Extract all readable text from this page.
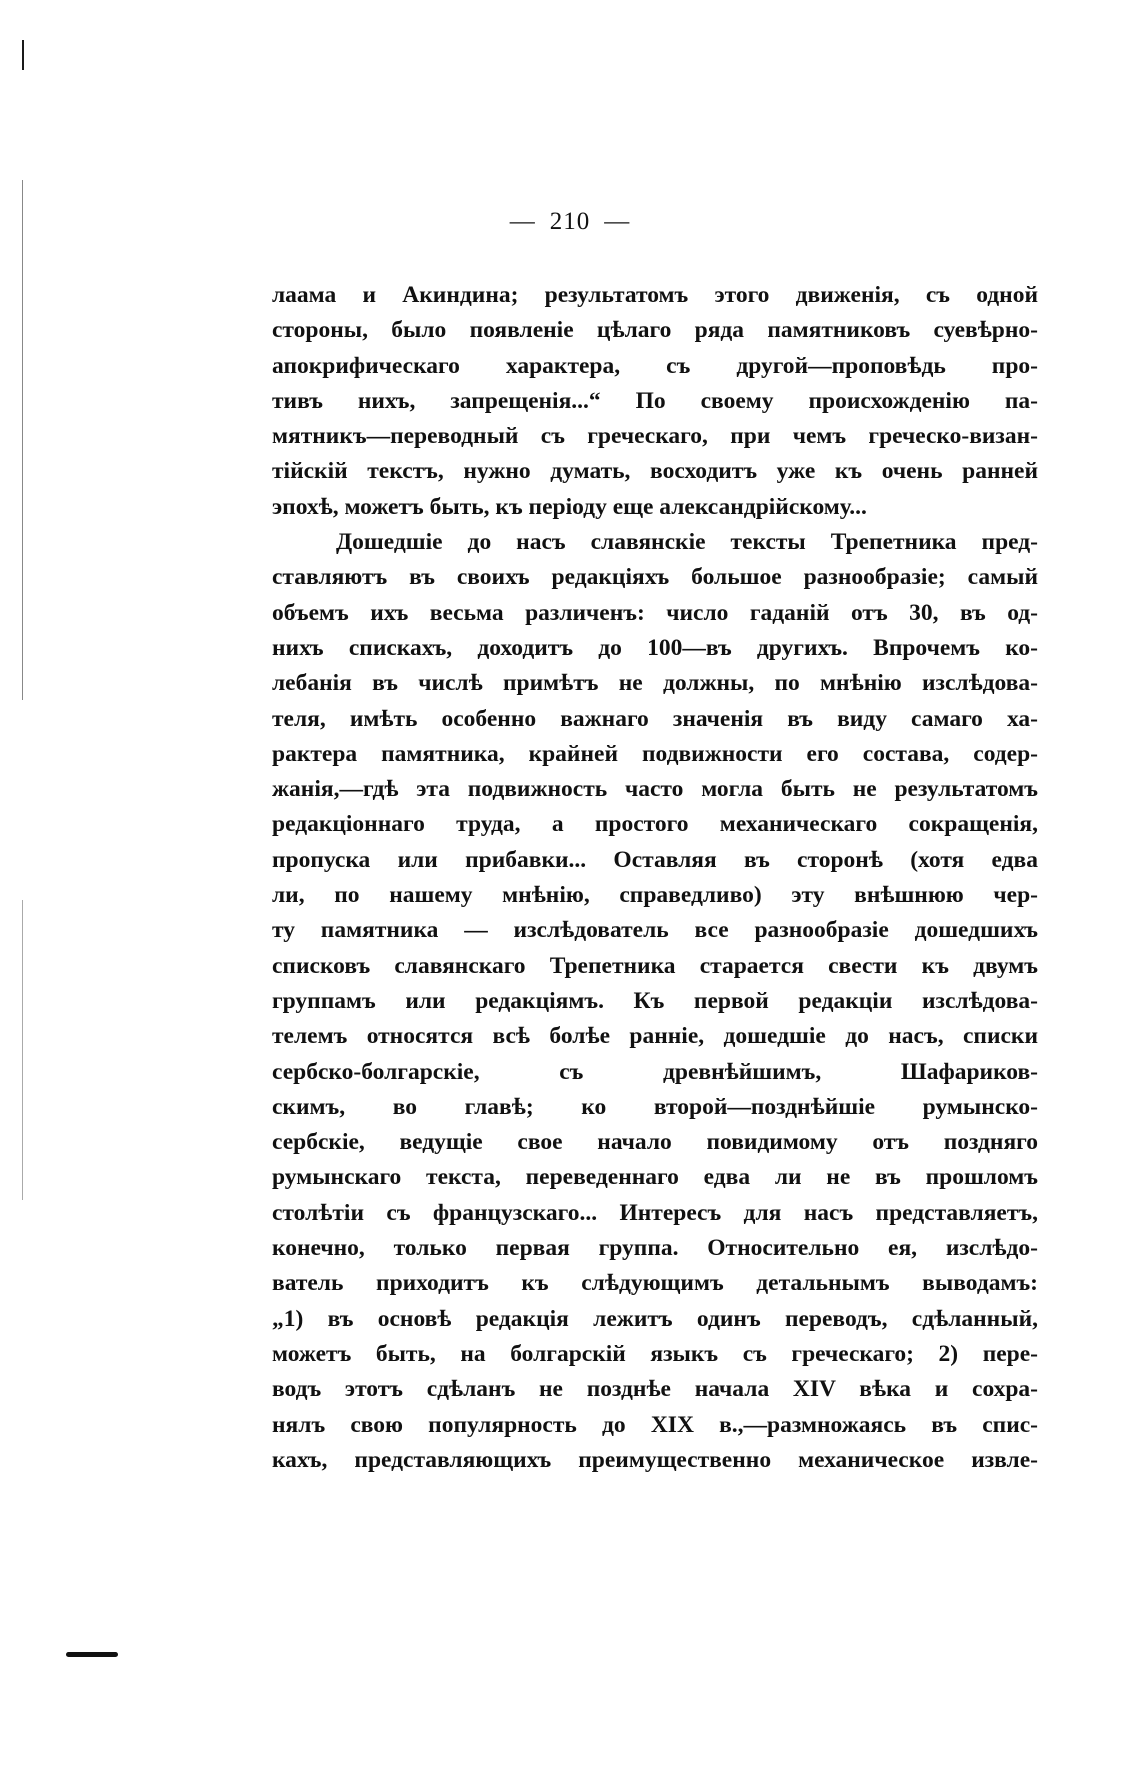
— 210 —
лаама и Акиндина; результатомъ этого движенія, съ одной
стороны, было появленіе цѣлаго ряда памятниковъ суевѣрно-
апокрифическаго характера, съ другой—проповѣдь про-
тивъ нихъ, запрещенія...“ По своему происхожденію па-
мятникъ—переводный съ греческаго, при чемъ греческо-визан-
тійскій текстъ, нужно думать, восходитъ уже къ очень ранней
эпохѣ, можетъ быть, къ періоду еще александрійскому...
Дошедшіе до насъ славянскіе тексты Трепетника пред-
ставляютъ въ своихъ редакціяхъ большое разнообразіе; самый
объемъ ихъ весьма различенъ: число гаданій отъ 30, въ од-
нихъ спискахъ, доходитъ до 100—въ другихъ. Впрочемъ ко-
лебанія въ числѣ примѣтъ не должны, по мнѣнію изслѣдова-
теля, имѣть особенно важнаго значенія въ виду самаго ха-
рактера памятника, крайней подвижности его состава, содер-
жанія,—гдѣ эта подвижность часто могла быть не результатомъ
редакціоннаго труда, а простого механическаго сокращенія,
пропуска или прибавки... Оставляя въ сторонѣ (хотя едва
ли, по нашему мнѣнію, справедливо) эту внѣшнюю чер-
ту памятника — изслѣдователь все разнообразіе дошедшихъ
списковъ славянскаго Трепетника старается свести къ двумъ
группамъ или редакціямъ. Къ первой редакціи изслѣдова-
телемъ относятся всѣ болѣе ранніе, дошедшіе до насъ, списки
сербско-болгарскіе, съ древнѣйшимъ, Шафариков-
скимъ, во главѣ; ко второй—позднѣйшіе румынско-
сербскіе, ведущіе свое начало повидимому отъ поздняго
румынскаго текста, переведеннаго едва ли не въ прошломъ
столѣтіи съ французскаго... Интересъ для насъ представляетъ,
конечно, только первая группа. Относительно ея, изслѣдо-
ватель приходитъ къ слѣдующимъ детальнымъ выводамъ:
„1) въ основѣ редакція лежитъ одинъ переводъ, сдѣланный,
можетъ быть, на болгарскій языкъ съ греческаго; 2) пере-
водъ этотъ сдѣланъ не позднѣе начала XIV вѣка и сохра-
нялъ свою популярность до XIX в.,—размножаясь въ спис-
кахъ, представляющихъ преимущественно механическое извле-
